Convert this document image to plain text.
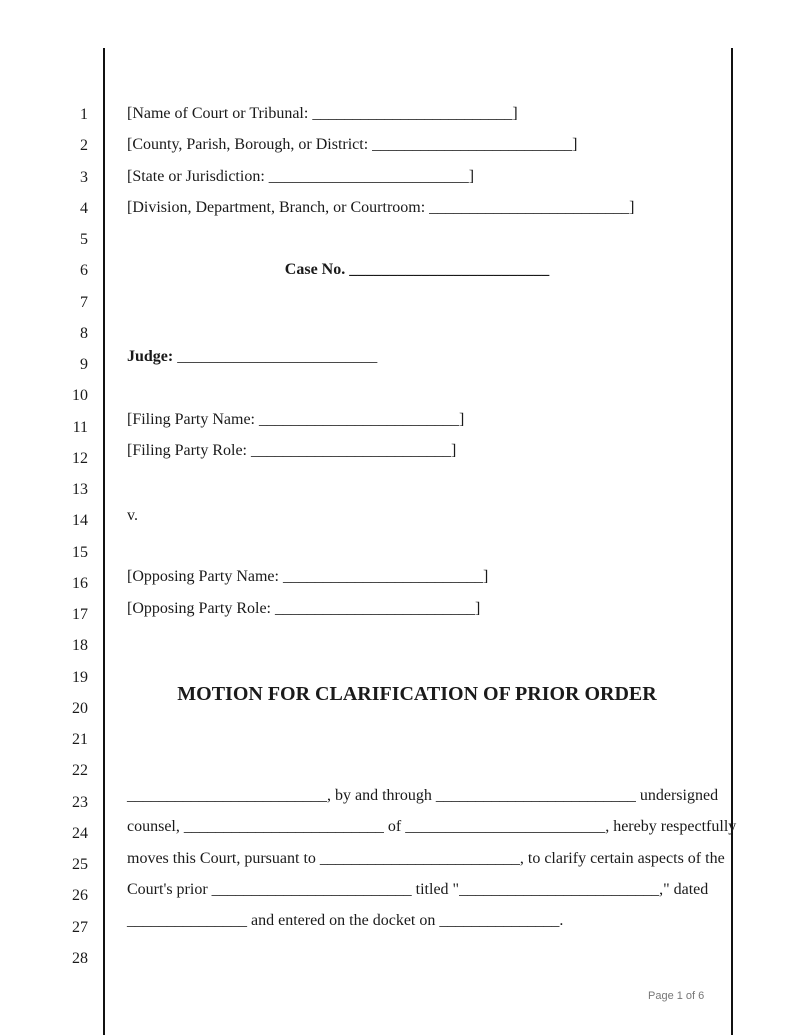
1
2
3
4
5
6
7
8
9
10
11
12
13
14
15
16
17
18
19
20
21
22
23
24
25
26
27
28
[Name of Court or Tribunal: _________________________]
[County, Parish, Borough, or District: _________________________]
[State or Jurisdiction: _________________________]
[Division, Department, Branch, or Courtroom: _________________________]
Case No. _________________________
Judge: _________________________
[Filing Party Name: _________________________]
[Filing Party Role: _________________________]
v.
[Opposing Party Name: _________________________]
[Opposing Party Role: _________________________]
MOTION FOR CLARIFICATION OF PRIOR ORDER
_________________________, by and through _________________________ undersigned
counsel, _________________________ of _________________________, hereby respectfully
moves this Court, pursuant to _________________________, to clarify certain aspects of the
Court's prior _________________________ titled "_________________________," dated
_______________ and entered on the docket on _______________.
Page 1 of 6
